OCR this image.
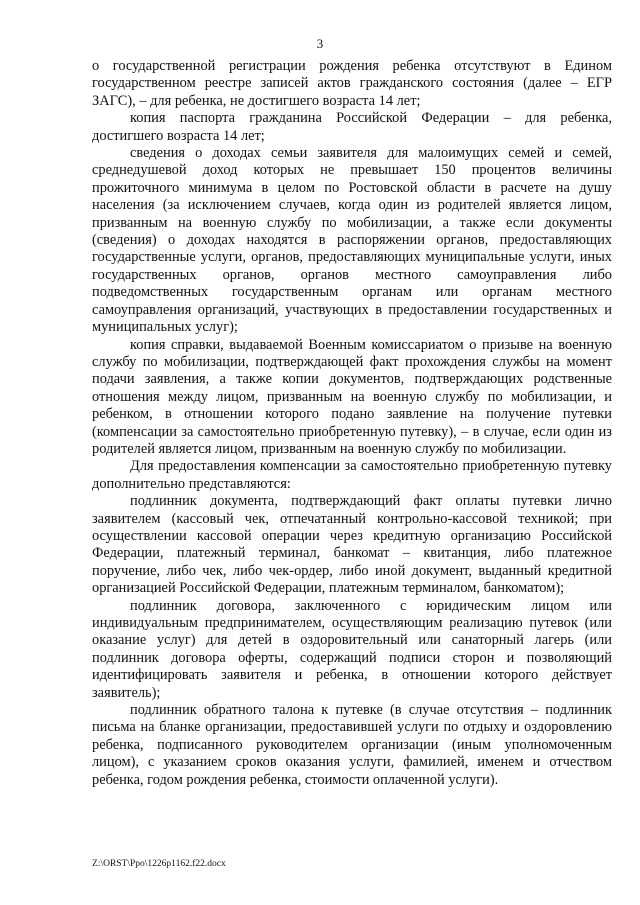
3

о государственной регистрации рождения ребенка отсутствуют в Едином государственном реестре записей актов гражданского состояния (далее – ЕГР ЗАГС), – для ребенка, не достигшего возраста 14 лет;

копия паспорта гражданина Российской Федерации – для ребенка, достигшего возраста 14 лет;

сведения о доходах семьи заявителя для малоимущих семей и семей, среднедушевой доход которых не превышает 150 процентов величины прожиточного минимума в целом по Ростовской области в расчете на душу населения (за исключением случаев, когда один из родителей является лицом, призванным на военную службу по мобилизации, а также если документы (сведения) о доходах находятся в распоряжении органов, предоставляющих государственные услуги, органов, предоставляющих муниципальные услуги, иных государственных органов, органов местного самоуправления либо подведомственных государственным органам или органам местного самоуправления организаций, участвующих в предоставлении государственных и муниципальных услуг);

копия справки, выдаваемой Военным комиссариатом о призыве на военную службу по мобилизации, подтверждающей факт прохождения службы на момент подачи заявления, а также копии документов, подтверждающих родственные отношения между лицом, призванным на военную службу по мобилизации, и ребенком, в отношении которого подано заявление на получение путевки (компенсации за самостоятельно приобретенную путевку), – в случае, если один из родителей является лицом, призванным на военную службу по мобилизации.

Для предоставления компенсации за самостоятельно приобретенную путевку дополнительно представляются:

подлинник документа, подтверждающий факт оплаты путевки лично заявителем (кассовый чек, отпечатанный контрольно-кассовой техникой; при осуществлении кассовой операции через кредитную организацию Российской Федерации, платежный терминал, банкомат – квитанция, либо платежное поручение, либо чек, либо чек-ордер, либо иной документ, выданный кредитной организацией Российской Федерации, платежным терминалом, банкоматом);

подлинник договора, заключенного с юридическим лицом или индивидуальным предпринимателем, осуществляющим реализацию путевок (или оказание услуг) для детей в оздоровительный или санаторный лагерь (или подлинник договора оферты, содержащий подписи сторон и позволяющий идентифицировать заявителя и ребенка, в отношении которого действует заявитель);

подлинник обратного талона к путевке (в случае отсутствия – подлинник письма на бланке организации, предоставившей услуги по отдыху и оздоровлению ребенка, подписанного руководителем организации (иным уполномоченным лицом), с указанием сроков оказания услуги, фамилией, именем и отчеством ребенка, годом рождения ребенка, стоимости оплаченной услуги).

Z:\ORST\Ppo\1226p1162.f22.docx
